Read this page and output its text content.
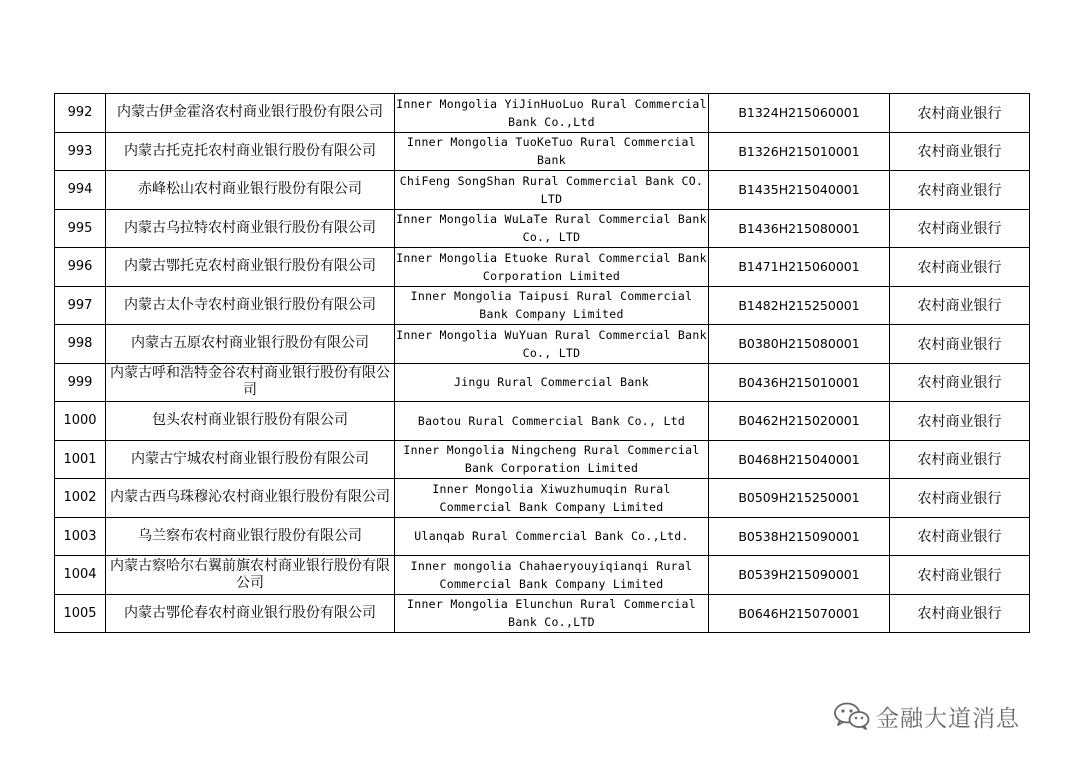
992	内蒙古伊金霍洛农村商业银行股份有限公司	Inner Mongolia YiJinHuoLuo Rural Commercial Bank Co.,Ltd	B1324H215060001	农村商业银行
993	内蒙古托克托农村商业银行股份有限公司	Inner Mongolia TuoKeTuo Rural Commercial Bank	B1326H215010001	农村商业银行
994	赤峰松山农村商业银行股份有限公司	ChiFeng SongShan Rural Commercial Bank CO. LTD	B1435H215040001	农村商业银行
995	内蒙古乌拉特农村商业银行股份有限公司	Inner Mongolia WuLaTe Rural Commercial Bank Co., LTD	B1436H215080001	农村商业银行
996	内蒙古鄂托克农村商业银行股份有限公司	Inner Mongolia Etuoke Rural Commercial Bank Corporation Limited	B1471H215060001	农村商业银行
997	内蒙古太仆寺农村商业银行股份有限公司	Inner Mongolia Taipusi Rural Commercial Bank Company Limited	B1482H215250001	农村商业银行
998	内蒙古五原农村商业银行股份有限公司	Inner Mongolia WuYuan Rural Commercial Bank Co., LTD	B0380H215080001	农村商业银行
999	内蒙古呼和浩特金谷农村商业银行股份有限公司	Jingu Rural Commercial Bank	B0436H215010001	农村商业银行
1000	包头农村商业银行股份有限公司	Baotou Rural Commercial Bank Co., Ltd	B0462H215020001	农村商业银行
1001	内蒙古宁城农村商业银行股份有限公司	Inner Mongolia Ningcheng Rural Commercial Bank Corporation Limited	B0468H215040001	农村商业银行
1002	内蒙古西乌珠穆沁农村商业银行股份有限公司	Inner Mongolia Xiwuzhumuqin Rural Commercial Bank Company Limited	B0509H215250001	农村商业银行
1003	乌兰察布农村商业银行股份有限公司	Ulanqab Rural Commercial Bank Co.,Ltd.	B0538H215090001	农村商业银行
1004	内蒙古察哈尔右翼前旗农村商业银行股份有限公司	Inner mongolia Chahaeryouyiqianqi Rural Commercial Bank Company Limited	B0539H215090001	农村商业银行
1005	内蒙古鄂伦春农村商业银行股份有限公司	Inner Mongolia Elunchun Rural Commercial Bank Co.,LTD	B0646H215070001	农村商业银行
金融大道消息
